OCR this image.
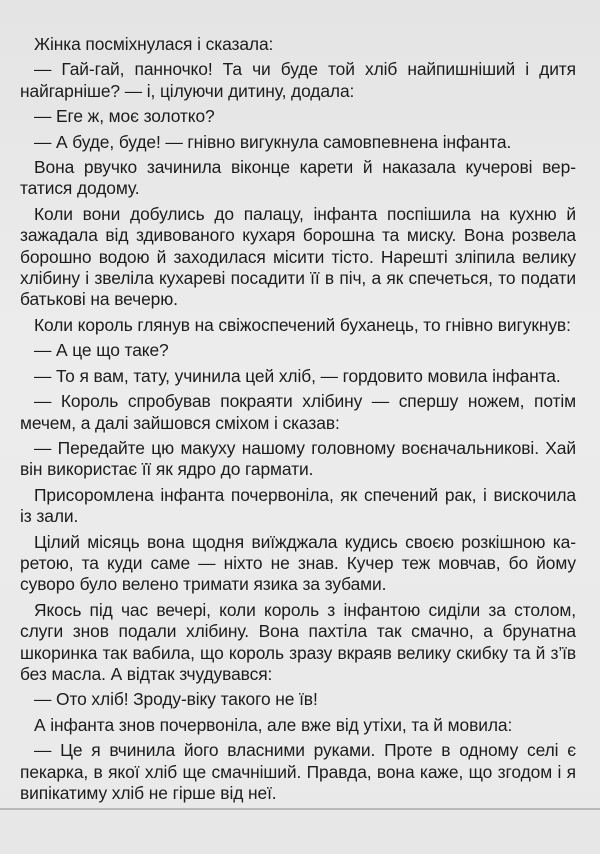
Жінка посміхнулася і сказала:

— Гай-гай, панночко! Та чи буде той хліб найпишніший і дитя найгарніше? — і, цілуючи дитину, додала:

— Еге ж, моє золотко?

— А буде, буде! — гнівно вигукнула самовпевнена інфанта.

Вона рвучко зачинила віконце карети й наказала кучерові вертатися додому.

Коли вони добулись до палацу, інфанта поспішила на кухню й зажадала від здивованого кухаря борошна та миску. Вона розвела борошно водою й заходилася місити тісто. Нарешті зліпила велику хлібину і звеліла кухареві посадити її в піч, а як спечеться, то подати батькові на вечерю.

Коли король глянув на свіжоспечений буханець, то гнівно вигукнув:

— А це що таке?

— То я вам, тату, учинила цей хліб, — гордовито мовила інфанта.

— Король спробував покраяти хлібину — спершу ножем, потім мечем, а далі зайшовся сміхом і сказав:

— Передайте цю макуху нашому головному воєначальникові. Хай він використає її як ядро до гармати.

Присоромлена інфанта почервоніла, як спечений рак, і вискочила із зали.

Цілий місяць вона щодня виїжджала кудись своєю розкішною каретою, та куди саме — ніхто не знав. Кучер теж мовчав, бо йому суворо було велено тримати язика за зубами.

Якось під час вечері, коли король з інфантою сиділи за столом, слуги знов подали хлібину. Вона пахтіла так смачно, а брунатна шкоринка так вабила, що король зразу вкраяв велику скибку та й з’їв без масла. А відтак зчудувався:

— Ото хліб! Зроду-віку такого не їв!

А інфанта знов почервоніла, але вже від утіхи, та й мовила:

— Це я вчинила його власними руками. Проте в одному селі є пекарка, в якої хліб ще смачніший. Правда, вона каже, що згодом і я випікатиму хліб не гірше від неї.
